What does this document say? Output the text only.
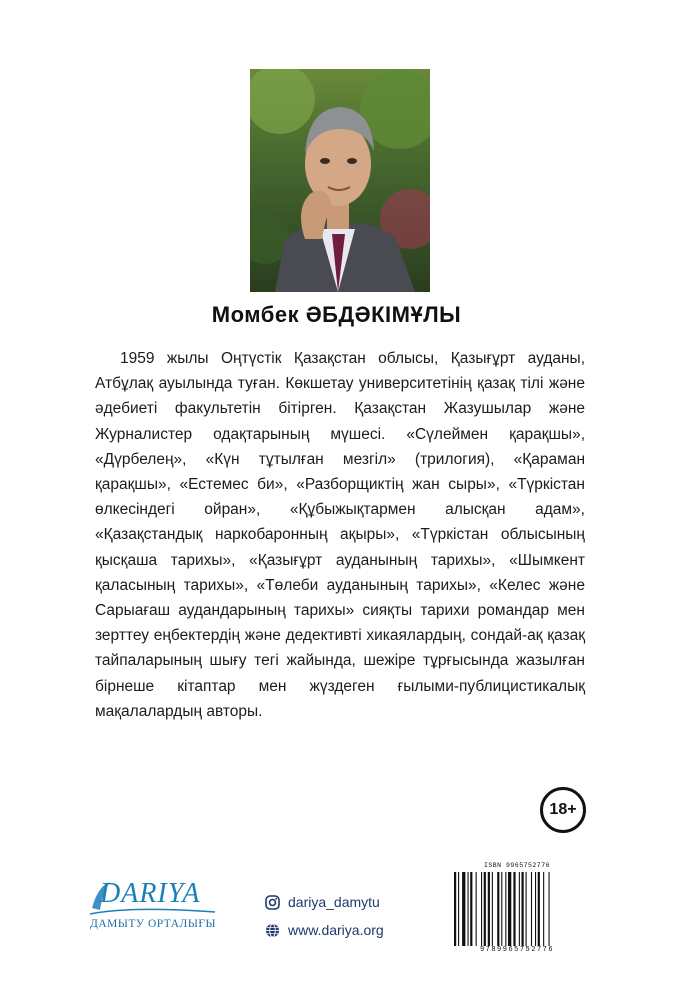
Момбек ӘБДӘКІМҰЛЫ

1959 жылы Оңтүстік Қазақстан облысы, Қазығұрт ауданы, Атбұлақ ауылында туған. Көкшетау университетінің қазақ тілі және әдебиеті факультетін бітірген. Қазақстан Жазушылар және Журналистер одақтарының мүшесі. «Сүлеймен қарақшы», «Дүрбелең», «Күн тұтылған мезгіл» (трилогия), «Қараман қарақшы», «Естемес би», «Разборщиктің жан сыры», «Түркістан өлкесіндегі ойран», «Құбыжықтармен алысқан адам», «Қазақстандық наркобаронның ақыры», «Түркістан облысының қысқаша тарихы», «Қазығұрт ауданының тарихы», «Шымкент қаласының тарихы», «Төлеби ауданының тарихы», «Келес және Сарыағаш аудандарының тарихы» сияқты тарихи романдар мен зерттеу еңбектердің және дедективті хикаялардың, сондай-ақ қазақ тайпаларының шығу тегі жайында, шежіре тұрғысында жазылған бірнеше кітаптар мен жүздеген ғылыми-публицистикалық мақалалардың авторы.

18+
DARIYA
ДАМЫТУ ОРТАЛЫҒЫ
dariya_damytu
www.dariya.org
ISBN 9965752776
9789965752776
